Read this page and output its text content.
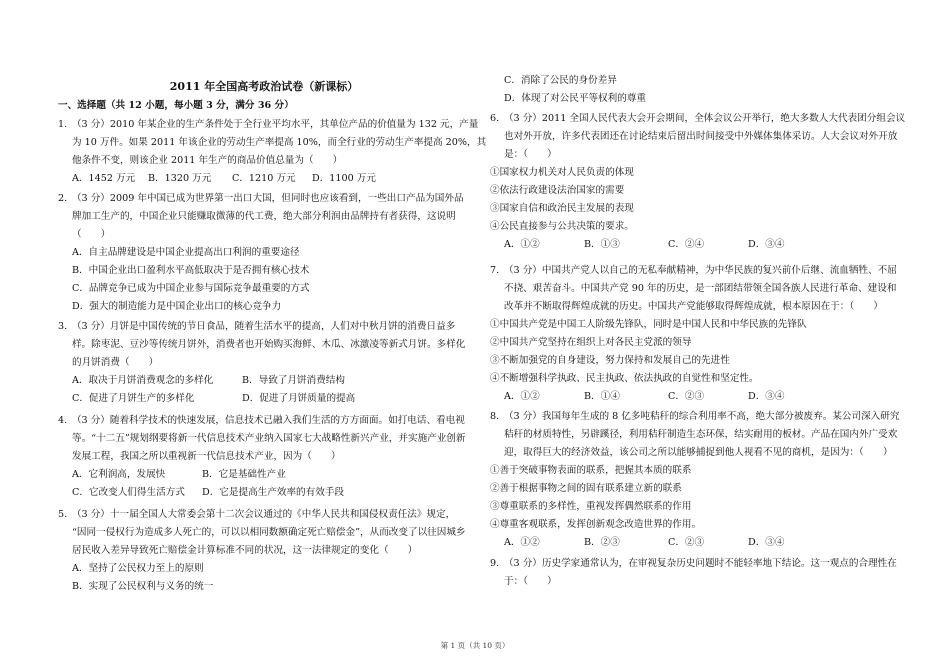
2011 年全国高考政治试卷（新课标）
一、选择题（共 12 小题，每小题 3 分，满分 36 分）
1.　（3 分）2010 年某企业的生产条件处于全行业平均水平，其单位产品的价值量为 132 元，产量
为 10 万件。如果 2011 年该企业的劳动生产率提高 10%，而全行业的劳动生产率提高 20%，其
他条件不变，则该企业 2011 年生产的商品价值总量为（　　）
A．1452 万元	B．1320 万元	C．1210 万元	D．1100 万元
2.　（3 分）2009 年中国已成为世界第一出口大国，但同时也应该看到，一些出口产品为国外品
牌加工生产的，中国企业只能赚取微薄的代工费，绝大部分利润由品牌持有者获得，这说明
（　　）
A．自主品牌建设是中国企业提高出口利润的重要途径
B．中国企业出口盈利水平高低取决于是否拥有核心技术
C．品牌竞争已成为中国企业参与国际竞争最重要的方式
D．强大的制造能力是中国企业出口的核心竞争力
3.　（3 分）月饼是中国传统的节日食品，随着生活水平的提高，人们对中秋月饼的消费日益多
样。除枣泥、豆沙等传统月饼外，消费者也开始购买海鲜、木瓜、冰激凌等新式月饼。多样化
的月饼消费（　　）
A．取决于月饼消费观念的多样化	B．导致了月饼消费结构
C．促进了月饼生产的多样化	D．促进了月饼质量的提高
4.　（3 分）随着科学技术的快速发展，信息技术已融入我们生活的方方面面。如打电话、看电视
等。“十二五”规划纲要将新一代信息技术产业纳入国家七大战略性新兴产业，并实施产业创新
发展工程，我国之所以重视新一代信息技术产业，因为（　　）
A．它利润高，发展快	B．它是基础性产业
C．它改变人们得生活方式	D．它是提高生产效率的有效手段
5.　（3 分）十一届全国人大常委会第十二次会议通过的《中华人民共和国侵权责任法》规定，
“因同一侵权行为造成多人死亡的，可以以相同数额确定死亡赔偿金”，从而改变了以往因城乡
居民收入差异导致死亡赔偿金计算标准不同的状况，这一法律规定的变化（　　）
A．坚持了公民权力至上的原则
B．实现了公民权利与义务的统一
C．消除了公民的身份差异
D．体现了对公民平等权利的尊重
6.　（3 分）2011 全国人民代表大会开会期间，全体会议公开举行，绝大多数人大代表团分组会议
也对外开放，许多代表团还在讨论结束后留出时间接受中外媒体集体采访。人大会议对外开放
是：（　　）
①国家权力机关对人民负责的体现
②依法行政建设法治国家的需要
③国家自信和政治民主发展的表现
④公民直接参与公共决策的要求。
A．①②	B．①③	C．②④	D．③④
7.　（3 分）中国共产党人以自己的无私奉献精神，为中华民族的复兴前仆后继、流血牺牲、不屈
不挠、艰苦奋斗。中国共产党 90 年的历史，是一部团结带领全国各族人民进行革命、建设和
改革并不断取得辉煌成就的历史。中国共产党能够取得辉煌成就，根本原因在于：（　　）
①中国共产党是中国工人阶级先锋队，同时是中国人民和中华民族的先锋队
②中国共产党坚持在组织上对各民主党派的领导
③不断加强党的自身建设，努力保持和发展自己的先进性
④不断增强科学执政、民主执政、依法执政的自觉性和坚定性。
A．①②	B．①④	C．②③	D．③④
8.　（3 分）我国每年生成的 8 亿多吨秸秆的综合利用率不高，绝大部分被废弃。某公司深入研究
秸秆的材质特性，另辟蹊径，利用秸秆制造生态环保，结实耐用的板材。产品在国内外广受欢
迎，取得巨大的经济效益，该公司之所以能够捕捉到他人视看不见的商机，是因为：（　　）
①善于突破事物表面的联系，把握其本质的联系
②善于根据事物之间的固有联系建立新的联系
③尊重联系的多样性，重视发挥偶然联系的作用
④尊重客观联系，发挥创新观念改造世界的作用。
A．①②	B．②③	C．②③	D．③④
9.　（3 分）历史学家通常认为，在审视复杂历史问题时不能轻率地下结论。这一观点的合理性在
于：（　　）
第 1 页（共 10 页）
